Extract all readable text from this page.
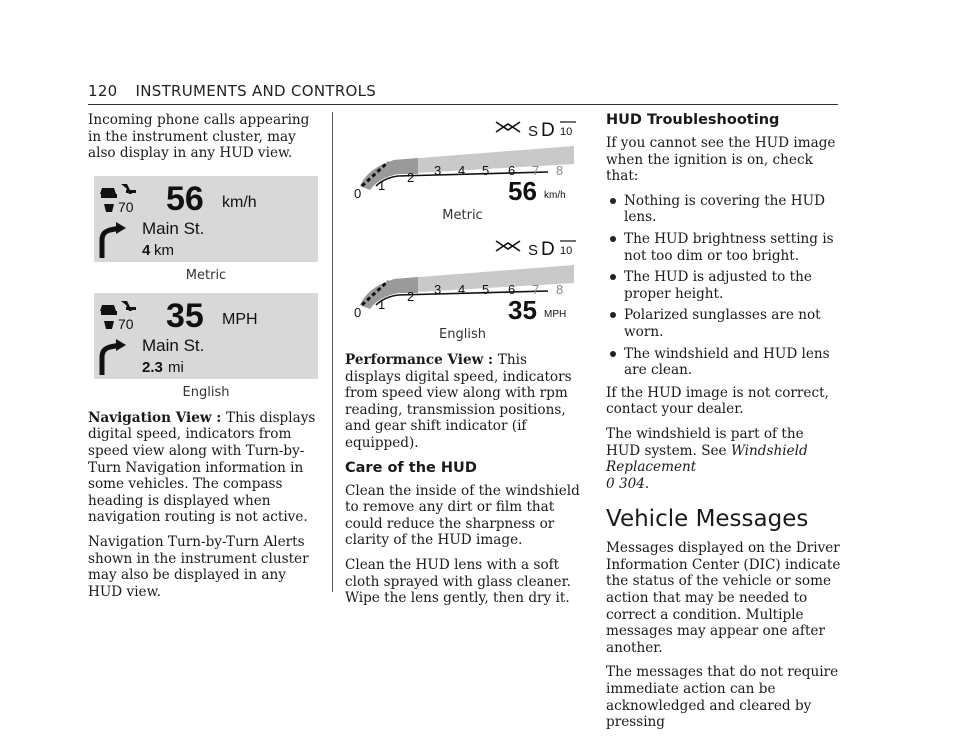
120 INSTRUMENTS AND CONTROLS

Incoming phone calls appearing in the instrument cluster, may also display in any HUD view.

70 56 km/h
Main St.
4 km
Metric
70 35 MPH
Main St.
2.3 mi
English

Navigation View : This displays digital speed, indicators from speed view along with Turn-by-Turn Navigation information in some vehicles. The compass heading is displayed when navigation routing is not active.

Navigation Turn-by-Turn Alerts shown in the instrument cluster may also be displayed in any HUD view.

0
1
2 3 4 5 6 7 8
S D 10
56 km/h
Metric
0
1
2 3 4 5 6 7 8
S D 10
35 MPH
English

Performance View : This displays digital speed, indicators from speed view along with rpm reading, transmission positions, and gear shift indicator (if equipped).

Care of the HUD

Clean the inside of the windshield to remove any dirt or film that could reduce the sharpness or clarity of the HUD image.

Clean the HUD lens with a soft cloth sprayed with glass cleaner. Wipe the lens gently, then dry it.

HUD Troubleshooting

If you cannot see the HUD image when the ignition is on, check that:

Nothing is covering the HUD lens.
The HUD brightness setting is not too dim or too bright.
The HUD is adjusted to the proper height.
Polarized sunglasses are not worn.
The windshield and HUD lens are clean.

If the HUD image is not correct, contact your dealer.

The windshield is part of the HUD system. See Windshield Replacement
0 304.

Vehicle Messages

Messages displayed on the Driver Information Center (DIC) indicate the status of the vehicle or some action that may be needed to correct a condition. Multiple messages may appear one after another.

The messages that do not require immediate action can be acknowledged and cleared by pressing
